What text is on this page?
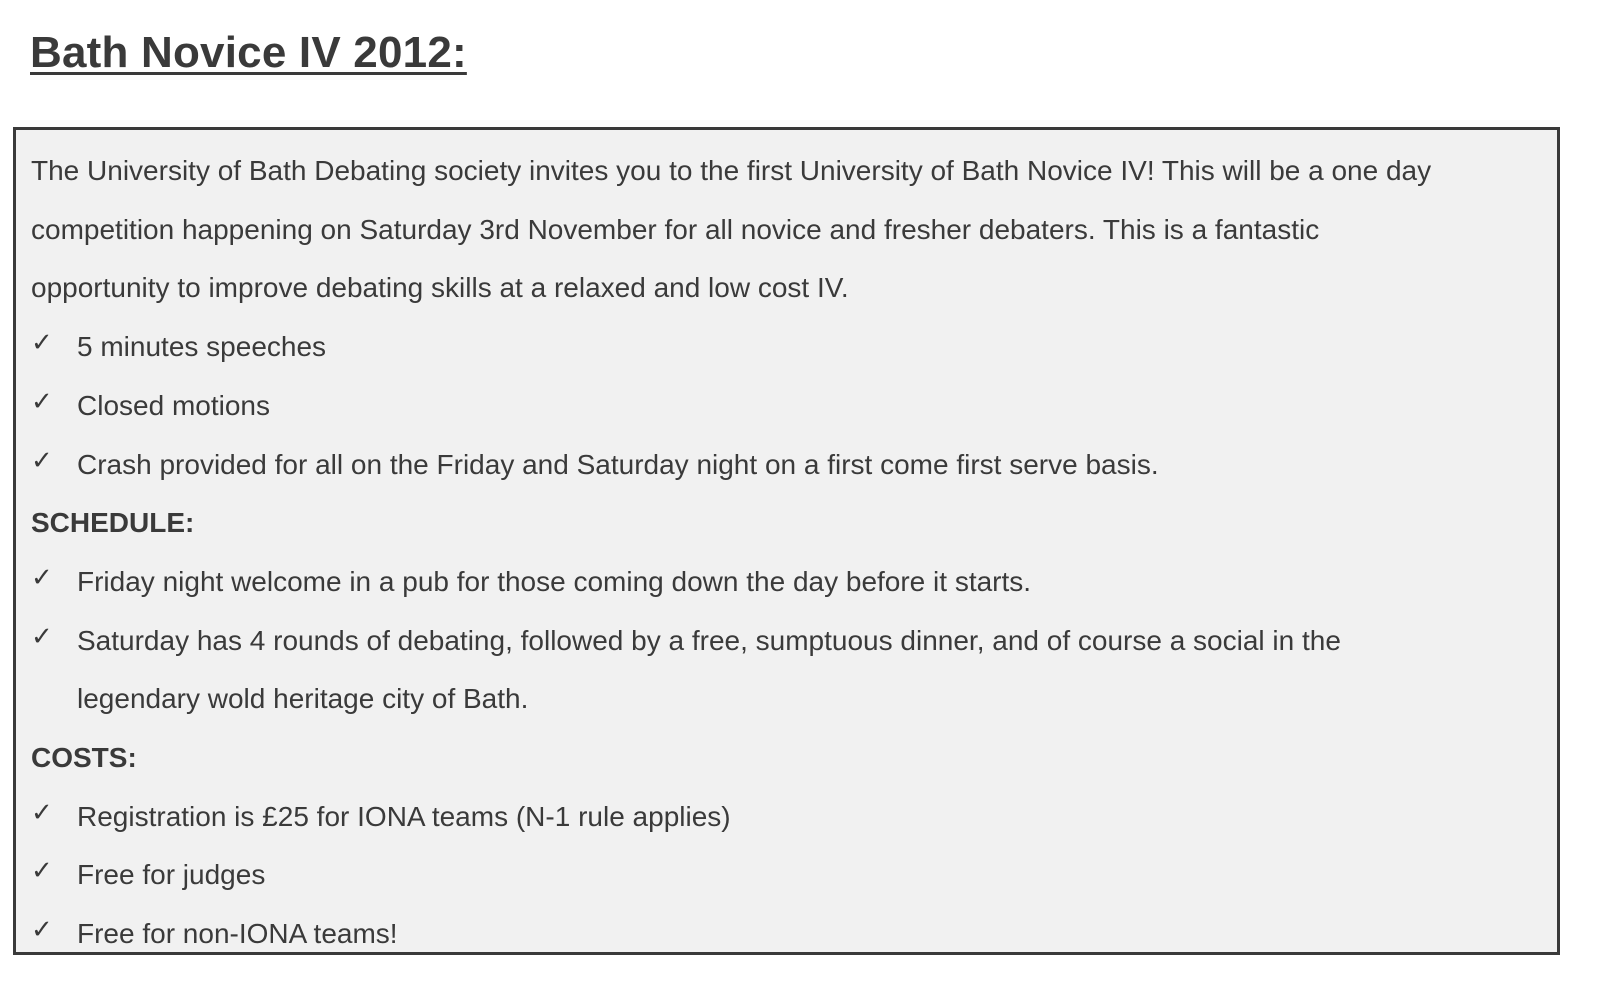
Bath Novice IV 2012:

The University of Bath Debating society invites you to the first University of Bath Novice IV! This will be a one day
competition happening on Saturday 3rd November for all novice and fresher debaters. This is a fantastic
opportunity to improve debating skills at a relaxed and low cost IV.

✓ 5 minutes speeches
✓ Closed motions
✓ Crash provided for all on the Friday and Saturday night on a first come first serve basis.
SCHEDULE:
✓ Friday night welcome in a pub for those coming down the day before it starts.
✓ Saturday has 4 rounds of debating, followed by a free, sumptuous dinner, and of course a social in the
legendary wold heritage city of Bath.
COSTS:
✓ Registration is £25 for IONA teams (N-1 rule applies)
✓ Free for judges
✓ Free for non-IONA teams!
